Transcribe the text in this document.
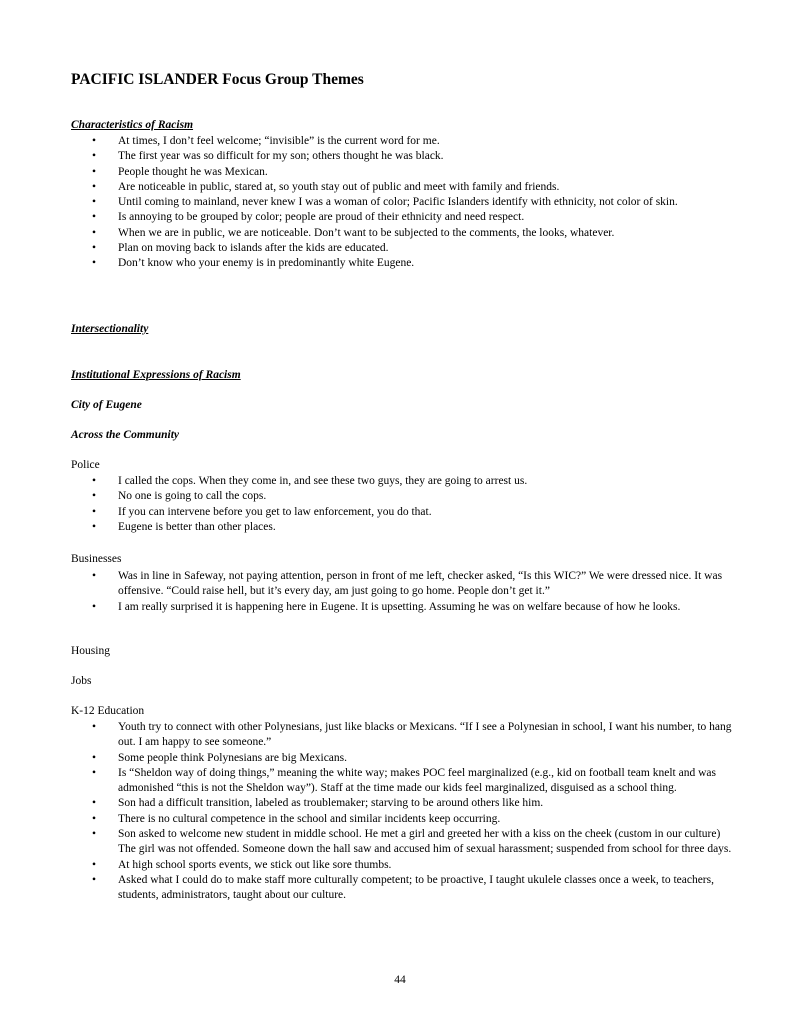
PACIFIC ISLANDER Focus Group Themes
Characteristics of Racism
• At times, I don’t feel welcome; “invisible” is the current word for me.
• The first year was so difficult for my son; others thought he was black.
• People thought he was Mexican.
• Are noticeable in public, stared at, so youth stay out of public and meet with family and friends.
• Until coming to mainland, never knew I was a woman of color; Pacific Islanders identify with ethnicity, not color of skin.
• Is annoying to be grouped by color; people are proud of their ethnicity and need respect.
• When we are in public, we are noticeable. Don’t want to be subjected to the comments, the looks, whatever.
• Plan on moving back to islands after the kids are educated.
• Don’t know who your enemy is in predominantly white Eugene.
Intersectionality
Institutional Expressions of Racism
City of Eugene
Across the Community

Police

• I called the cops. When they come in, and see these two guys, they are going to arrest us.
• No one is going to call the cops.
• If you can intervene before you get to law enforcement, you do that.
• Eugene is better than other places.

Businesses

• Was in line in Safeway, not paying attention, person in front of me left, checker asked, “Is this WIC?” We were dressed nice. It was offensive. “Could raise hell, but it’s every day, am just going to go home. People don’t get it.”
• I am really surprised it is happening here in Eugene. It is upsetting. Assuming he was on welfare because of how he looks.

Housing

Jobs

K-12 Education

• Youth try to connect with other Polynesians, just like blacks or Mexicans. “If I see a Polynesian in school, I want his number, to hang out. I am happy to see someone.”
• Some people think Polynesians are big Mexicans.
• Is “Sheldon way of doing things,” meaning the white way; makes POC feel marginalized (e.g., kid on football team knelt and was admonished “this is not the Sheldon way”). Staff at the time made our kids feel marginalized, disguised as a school thing.
• Son had a difficult transition, labeled as troublemaker; starving to be around others like him.
• There is no cultural competence in the school and similar incidents keep occurring.
• Son asked to welcome new student in middle school. He met a girl and greeted her with a kiss on the cheek (custom in our culture) The girl was not offended. Someone down the hall saw and accused him of sexual harassment; suspended from school for three days.
• At high school sports events, we stick out like sore thumbs.
• Asked what I could do to make staff more culturally competent; to be proactive, I taught ukulele classes once a week, to teachers, students, administrators, taught about our culture.

44
